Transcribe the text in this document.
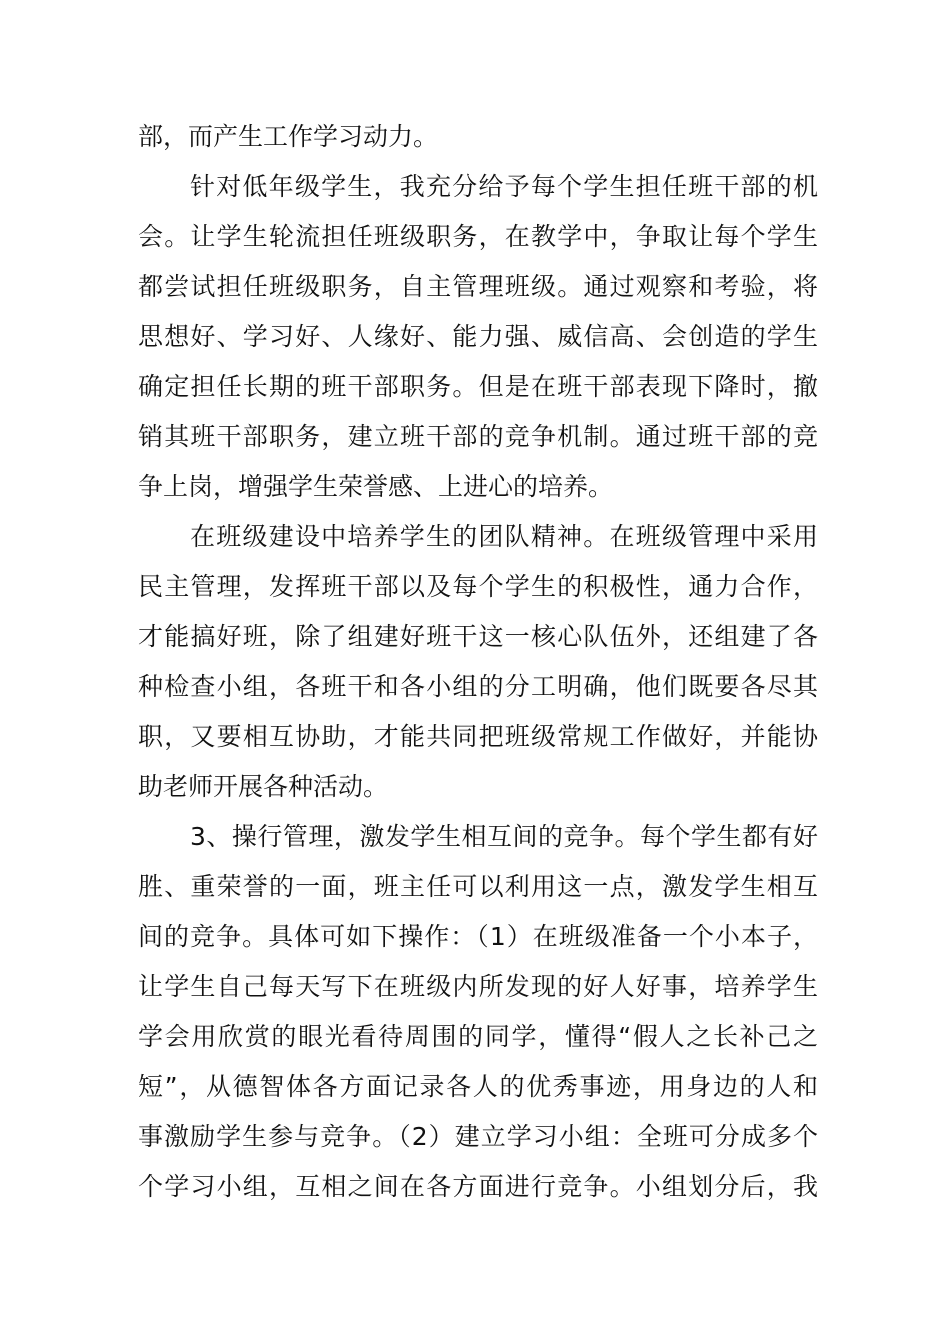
部，而产生工作学习动力。
针对低年级学生，我充分给予每个学生担任班干部的机
会。让学生轮流担任班级职务，在教学中，争取让每个学生
都尝试担任班级职务，自主管理班级。通过观察和考验，将
思想好、学习好、人缘好、能力强、威信高、会创造的学生
确定担任长期的班干部职务。但是在班干部表现下降时，撤
销其班干部职务，建立班干部的竞争机制。通过班干部的竞
争上岗，增强学生荣誉感、上进心的培养。
在班级建设中培养学生的团队精神。在班级管理中采用
民主管理，发挥班干部以及每个学生的积极性，通力合作，
才能搞好班，除了组建好班干这一核心队伍外，还组建了各
种检查小组，各班干和各小组的分工明确，他们既要各尽其
职，又要相互协助，才能共同把班级常规工作做好，并能协
助老师开展各种活动。
3、操行管理，激发学生相互间的竞争。每个学生都有好
胜、重荣誉的一面，班主任可以利用这一点，激发学生相互
间的竞争。具体可如下操作：（1）在班级准备一个小本子，
让学生自己每天写下在班级内所发现的好人好事，培养学生
学会用欣赏的眼光看待周围的同学，懂得“假人之长补己之
短”，从德智体各方面记录各人的优秀事迹，用身边的人和
事激励学生参与竞争。（2）建立学习小组：全班可分成多个
个学习小组，互相之间在各方面进行竞争。小组划分后，我
